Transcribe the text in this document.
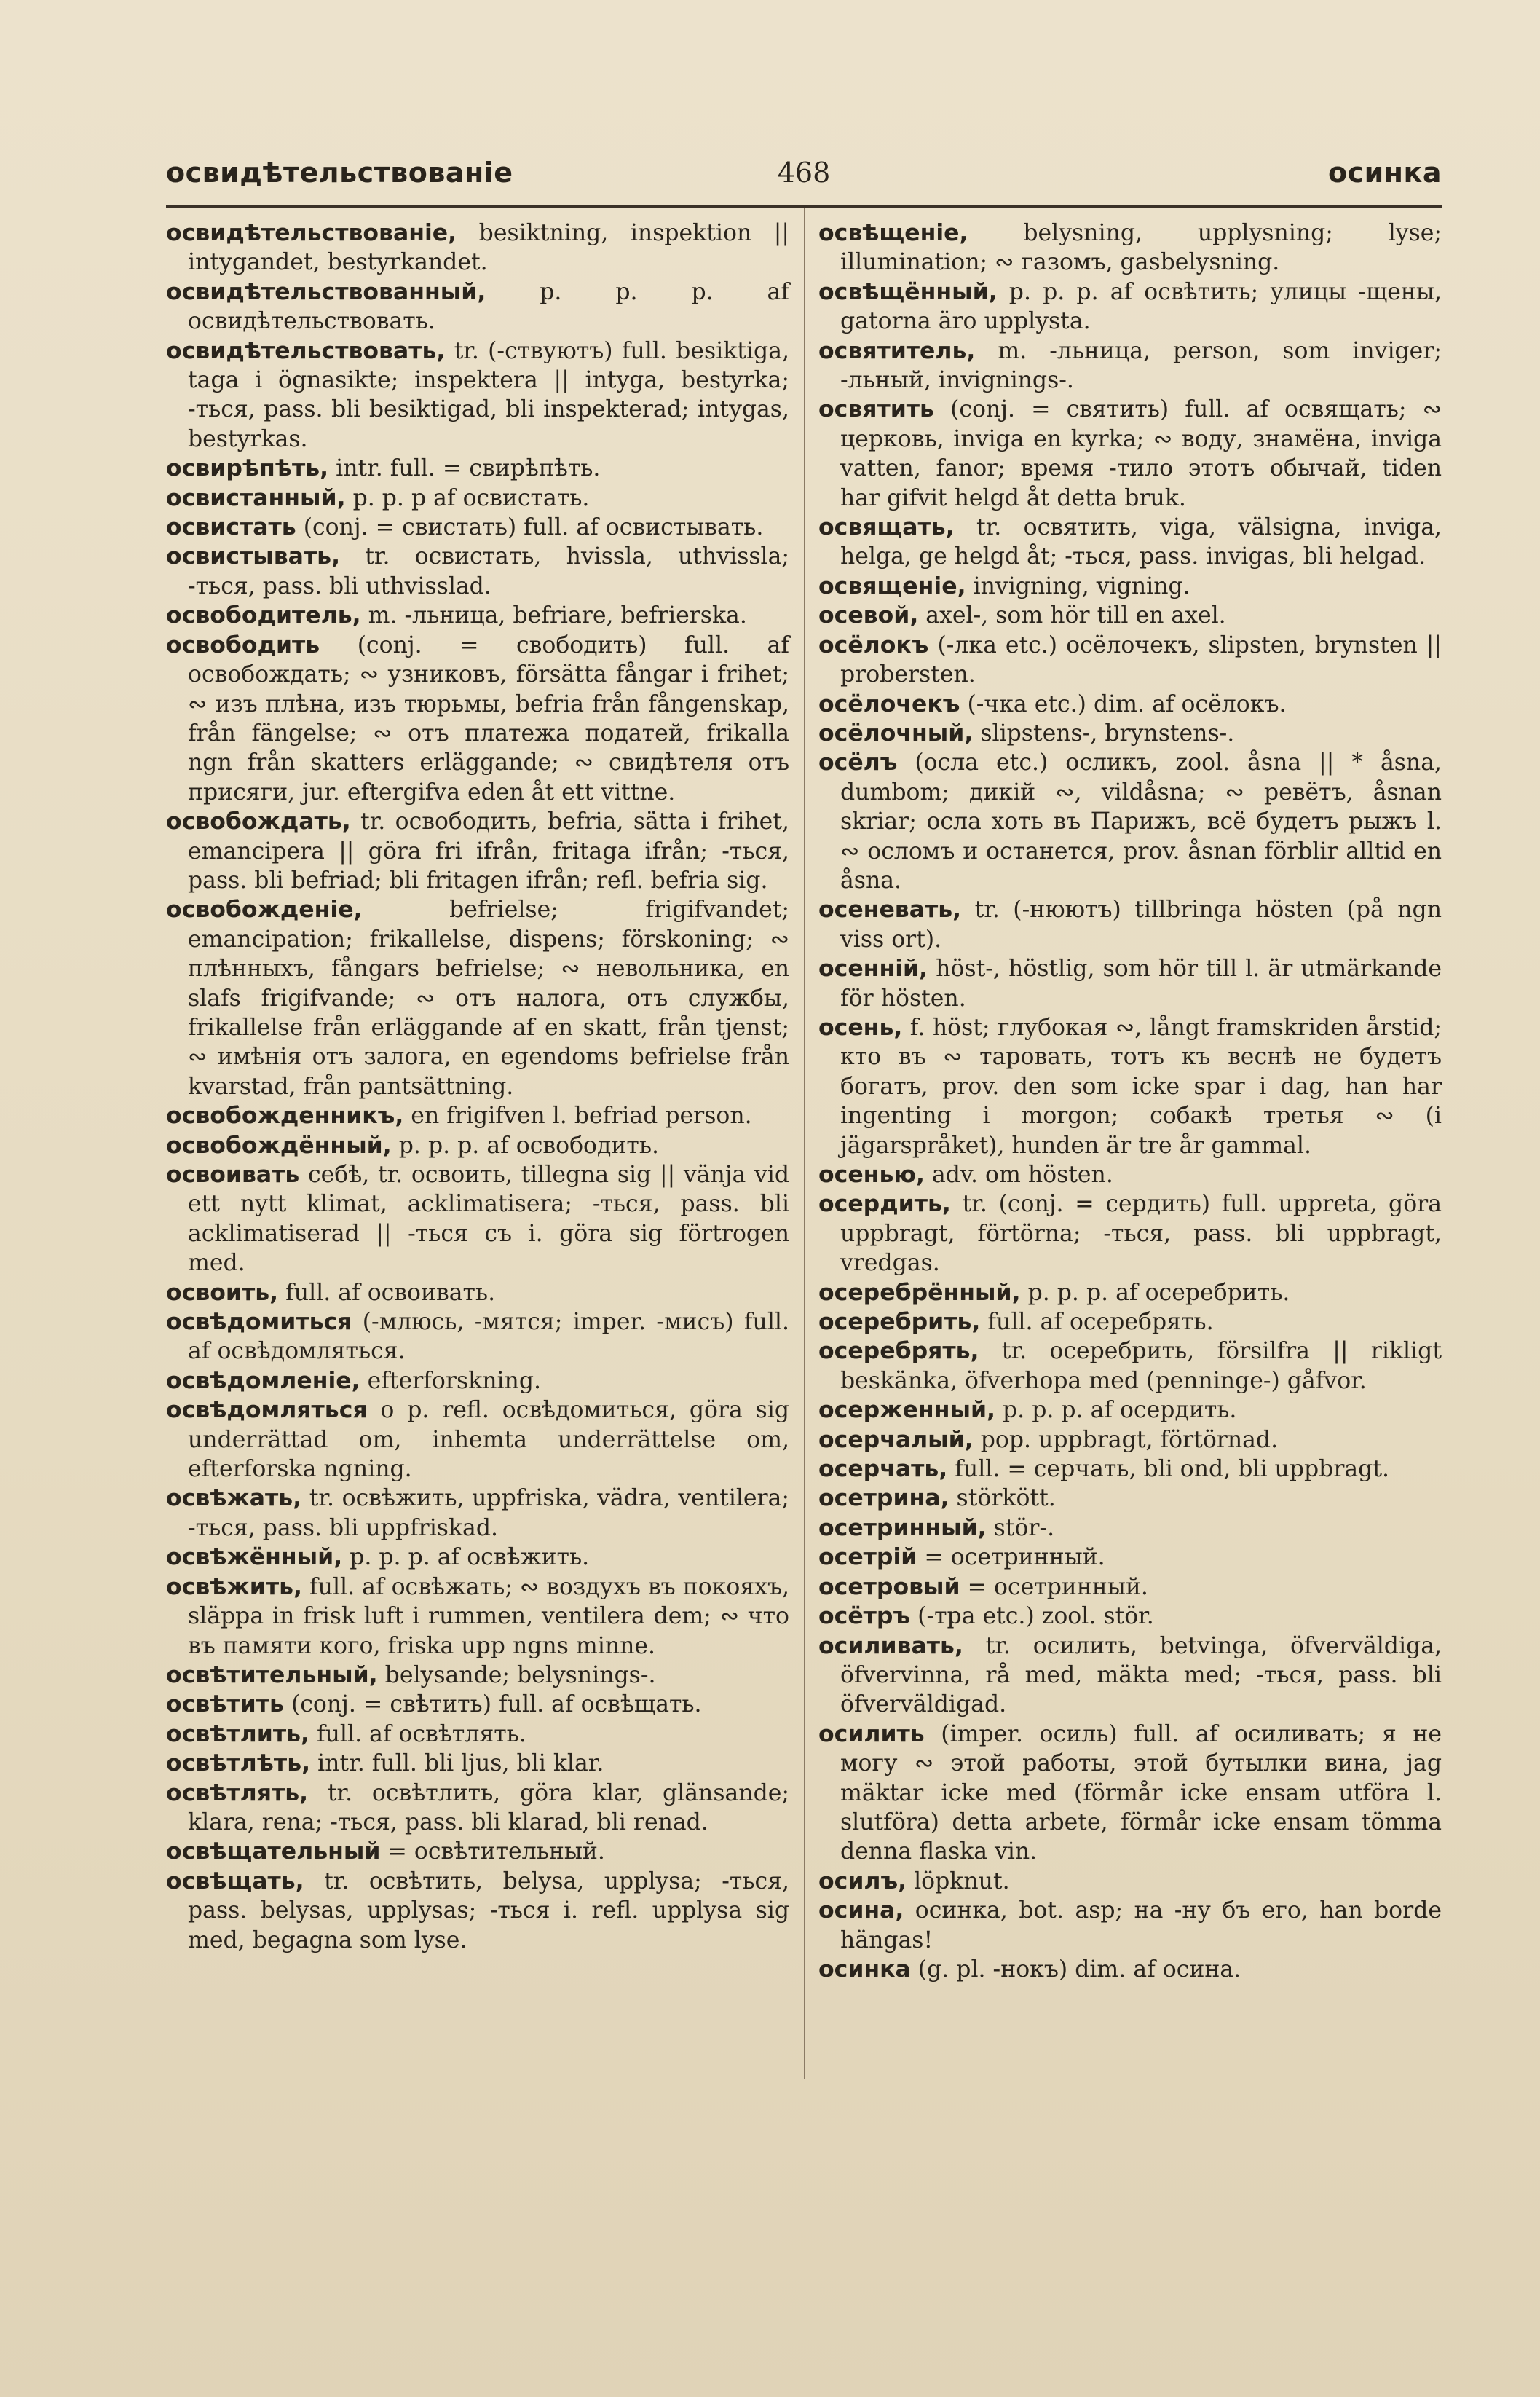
468
освидѣтельствованіе	осинка

освидѣтельствованіе, besiktning, inspektion || intygandet, bestyrkandet.

освидѣтельствованный, p. p. p. af освидѣтельствовать.

освидѣтельствовать, tr. (-ствуютъ) full. besiktiga, taga i ögnasikte; inspektera || intyga, bestyrka; -ться, pass. bli besiktigad, bli inspekterad; intygas, bestyrkas.

освирѣпѣть, intr. full. = свирѣпѣть.

освистанный, p. p. p af освистать.

освистать (conj. = свистать) full. af освистывать.

освистывать, tr. освистать, hvissla, uthvissla; -ться, pass. bli uthvisslad.

освободитель, m. -льница, befriare, befrierska.

освободить (conj. = свободить) full. af освобождать; ∾ узниковъ, försätta fångar i frihet; ∾ изъ плѣна, изъ тюрьмы, befria från fångenskap, från fängelse; ∾ отъ платежа податей, frikalla ngn från skatters erläggande; ∾ свидѣтеля отъ присяги, jur. eftergifva eden åt ett vittne.

освобождать, tr. освободить, befria, sätta i frihet, emancipera || göra fri ifrån, fritaga ifrån; -ться, pass. bli befriad; bli fritagen ifrån; refl. befria sig.

освобожденіе, befrielse; frigifvandet; emancipation; frikallelse, dispens; förskoning; ∾ плѣнныхъ, fångars befrielse; ∾ невольника, en slafs frigifvande; ∾ отъ налога, отъ службы, frikallelse från erläggande af en skatt, från tjenst; ∾ имѣнія отъ залога, en egendoms befrielse från kvarstad, från pantsättning.

освобожденникъ, en frigifven l. befriad person.

освобождённый, p. p. p. af освободить.

освоивать себѣ, tr. освоить, tillegna sig || vänja vid ett nytt klimat, acklimatisera; -ться, pass. bli acklimatiserad || -ться съ i. göra sig förtrogen med.

освоить, full. af освоивать.

освѣдомиться (-млюсь, -мятся; imper. -мисъ) full. af освѣдомляться.

освѣдомленіе, efterforskning.

освѣдомляться o p. refl. освѣдомиться, göra sig underrättad om, inhemta underrättelse om, efterforska ngning.

освѣжать, tr. освѣжить, uppfriska, vädra, ventilera; -ться, pass. bli uppfriskad.

освѣжённый, p. p. p. af освѣжить.

освѣжить, full. af освѣжать; ∾ воздухъ въ покояхъ, släppa in frisk luft i rummen, ventilera dem; ∾ что въ памяти кого, friska upp ngns minne.

освѣтительный, belysande; belysnings-.

освѣтить (conj. = свѣтить) full. af освѣщать.

освѣтлить, full. af освѣтлять.

освѣтлѣть, intr. full. bli ljus, bli klar.

освѣтлять, tr. освѣтлить, göra klar, glänsande; klara, rena; -ться, pass. bli klarad, bli renad.

освѣщательный = освѣтительный.

освѣщать, tr. освѣтить, belysa, upplysa; -ться, pass. belysas, upplysas; -ться i. refl. upplysa sig med, begagna som lyse.

освѣщеніе, belysning, upplysning; lyse; illumination; ∾ газомъ, gasbelysning.

освѣщённый, p. p. p. af освѣтить; улицы -щены, gatorna äro upplysta.

освятитель, m. -льница, person, som inviger; -льный, invignings-.

освятить (conj. = святить) full. af освящать; ∾ церковь, inviga en kyrka; ∾ воду, знамёна, inviga vatten, fanor; время -тило этотъ обычай, tiden har gifvit helgd åt detta bruk.

освящать, tr. освятить, viga, välsigna, inviga, helga, ge helgd åt; -ться, pass. invigas, bli helgad.

освященіе, invigning, vigning.

осевой, axel-, som hör till en axel.

осёлокъ (-лка etc.) осёлочекъ, slipsten, brynsten || probersten.

осёлочекъ (-чка etc.) dim. af осёлокъ.

осёлочный, slipstens-, brynstens-.

осёлъ (осла etc.) осликъ, zool. åsna || * åsna, dumbom; дикій ∾, vildåsna; ∾ ревётъ, åsnan skriar; осла хоть въ Парижъ, всё будетъ рыжъ l. ∾ осломъ и останется, prov. åsnan förblir alltid en åsna.

осеневать, tr. (-нюютъ) tillbringa hösten (på ngn viss ort).

осенній, höst-, höstlig, som hör till l. är utmärkande för hösten.

осень, f. höst; глубокая ∾, långt framskriden årstid; кто въ ∾ таровать, тотъ къ веснѣ не будетъ богатъ, prov. den som icke spar i dag, han har ingenting i morgon; cобакѣ третья ∾ (i jägarspråket), hunden är tre år gammal.

осенью, adv. om hösten.

осердить, tr. (conj. = сердить) full. uppreta, göra uppbragt, förtörna; -ться, pass. bli uppbragt, vredgas.

осеребрённый, p. p. p. af осеребрить.

осеребрить, full. af осеребрять.

осеребрять, tr. осеребрить, försilfra || rikligt beskänka, öfverhopa med (penninge-) gåfvor.

осерженный, p. p. p. af осердить.

осерчалый, pop. uppbragt, förtörnad.

осерчать, full. = серчать, bli ond, bli uppbragt.

осетрина, störkött.

осетринный, stör-.

осетрій = осетринный.

осетровый = осетринный.

осётръ (-тра etc.) zool. stör.

осиливать, tr. осилить, betvinga, öfverväldiga, öfvervinna, rå med, mäkta med; -ться, pass. bli öfverväldigad.

осилить (imper. осиль) full. af осиливать; я не могу ∾ этой работы, этой бутылки вина, jag mäktar icke med (förmår icke ensam utföra l. slutföra) detta arbete, förmår icke ensam tömma denna flaska vin.

осилъ, löpknut.

осина, осинка, bot. asp; на -ну бъ его, han borde hängas!

осинка (g. pl. -нокъ) dim. af осина.
